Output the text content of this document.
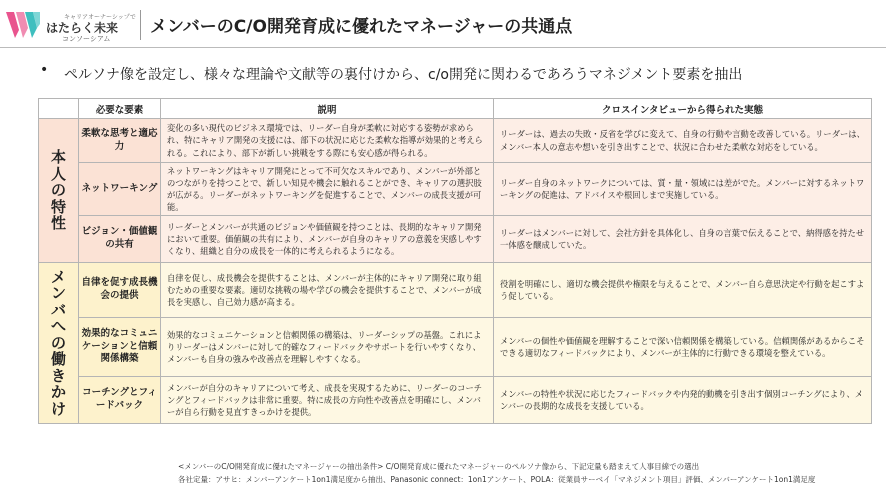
キャリアオーナーシップで
はたらく未来
コンソーシアム
メンバーのC/O開発育成に優れたマネージャーの共通点
• ペルソナ像を設定し、様々な理論や文献等の裏付けから、c/o開発に関わるであろうマネジメント要素を抽出
	必要な要素	説明	クロスインタビューから得られた実態
本人の特性	柔軟な思考と適応力	変化の多い現代のビジネス環境では、リーダー自身が柔軟に対応する姿勢が求められ、特にキャリア開発の支援には、部下の状況に応じた柔軟な指導が効果的と考えられる。これにより、部下が新しい挑戦をする際にも安心感が得られる。	リーダーは、過去の失敗・反省を学びに変えて、自身の行動や言動を改善している。リーダーは、メンバー本人の意志や想いを引き出すことで、状況に合わせた柔軟な対応をしている。
	ネットワーキング	ネットワーキングはキャリア開発にとって不可欠なスキルであり、メンバーが外部とのつながりを持つことで、新しい知見や機会に触れることができ、キャリアの選択肢が広がる。リーダーがネットワーキングを促進することで、メンバーの成長支援が可能。	リーダー自身のネットワークについては、質・量・領域には差がでた。メンバーに対するネットワーキングの促進は、アドバイスや根回しまで実施している。
	ビジョン・価値観の共有	リーダーとメンバーが共通のビジョンや価値観を持つことは、長期的なキャリア開発において重要。価値観の共有により、メンバーが自身のキャリアの意義を実感しやすくなり、組織と自分の成長を一体的に考えられるようになる。	リーダーはメンバーに対して、会社方針を具体化し、自身の言葉で伝えることで、納得感を持たせ一体感を醸成していた。
メンバへの働きかけ	自律を促す成長機会の提供	自律を促し、成長機会を提供することは、メンバーが主体的にキャリア開発に取り組むための重要な要素。適切な挑戦の場や学びの機会を提供することで、メンバーが成長を実感し、自己効力感が高まる。	役割を明確にし、適切な機会提供や権限を与えることで、メンバー自ら意思決定や行動を起こすよう促している。
	効果的なコミュニケーションと信頼関係構築	効果的なコミュニケーションと信頼関係の構築は、リーダーシップの基盤。これによりリーダーはメンバーに対して的確なフィードバックやサポートを行いやすくなり、メンバーも自身の強みや改善点を理解しやすくなる。	メンバーの個性や価値観を理解することで深い信頼関係を構築している。信頼関係があるからこそできる適切なフィードバックにより、メンバーが主体的に行動できる環境を整えている。
	コーチングとフィードバック	メンバーが自分のキャリアについて考え、成長を実現するために、リーダーのコーチングとフィードバックは非常に重要。特に成長の方向性や改善点を明確にし、メンバーが自ら行動を見直すきっかけを提供。	メンバーの特性や状況に応じたフィードバックや内発的動機を引き出す個別コーチングにより、メンバーの長期的な成長を支援している。
<メンバーのC/O開発育成に優れたマネージャーの抽出条件> C/O開発育成に優れたマネージャーのペルソナ像から、下記定量も踏まえて人事目線での選出
各社定量：アサヒ：メンバーアンケート1on1満足度から抽出、Panasonic connect：1on1アンケート、POLA：従業員サーベイ「マネジメント項目」評価、メンバーアンケート1on1満足度
